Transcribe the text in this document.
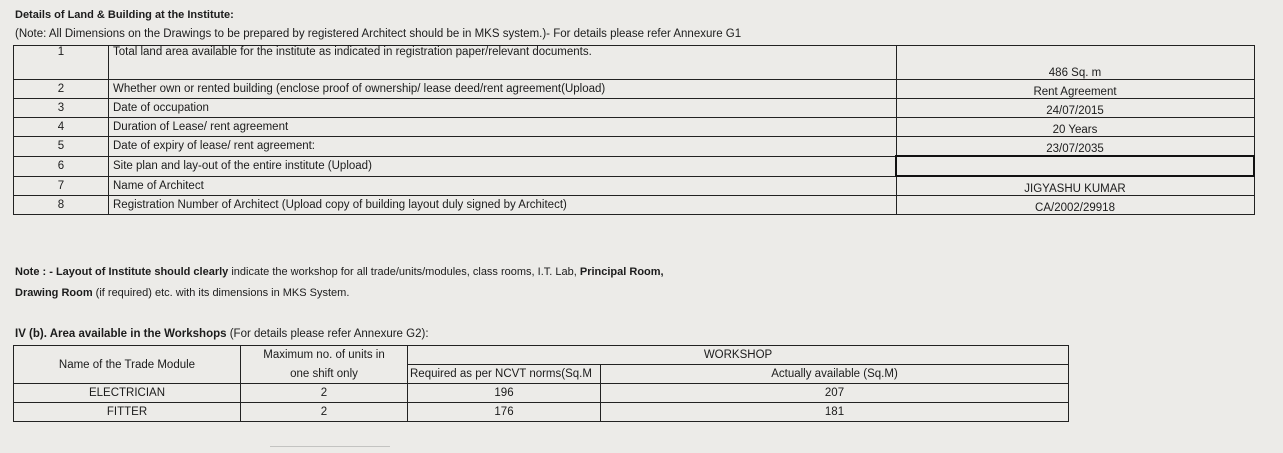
Details of Land & Building at the Institute:
(Note: All Dimensions on the Drawings to be prepared by registered Architect should be in MKS system.)- For details please refer Annexure G1
1	Total land area available for the institute as indicated in registration paper/relevant documents.	486 Sq. m
2	Whether own or rented building (enclose proof of ownership/ lease deed/rent agreement(Upload)	Rent Agreement
3	Date of occupation	24/07/2015
4	Duration of Lease/ rent agreement	20 Years
5	Date of expiry of lease/ rent agreement:	23/07/2035
6	Site plan and lay-out of the entire institute (Upload)	
7	Name of Architect	JIGYASHU KUMAR
8	Registration Number of Architect (Upload copy of building layout duly signed by Architect)	CA/2002/29918
Note : - Layout of Institute should clearly indicate the workshop for all trade/units/modules, class rooms, I.T. Lab, Principal Room,
Drawing Room (if required) etc. with its dimensions in MKS System.
IV (b). Area available in the Workshops (For details please refer Annexure G2):
Name of the Trade Module	Maximum no. of units in	WORKSHOP	
	one shift only	Required as per NCVT norms(Sq.M	Actually available (Sq.M)
ELECTRICIAN	2	196	207
FITTER	2	176	181
